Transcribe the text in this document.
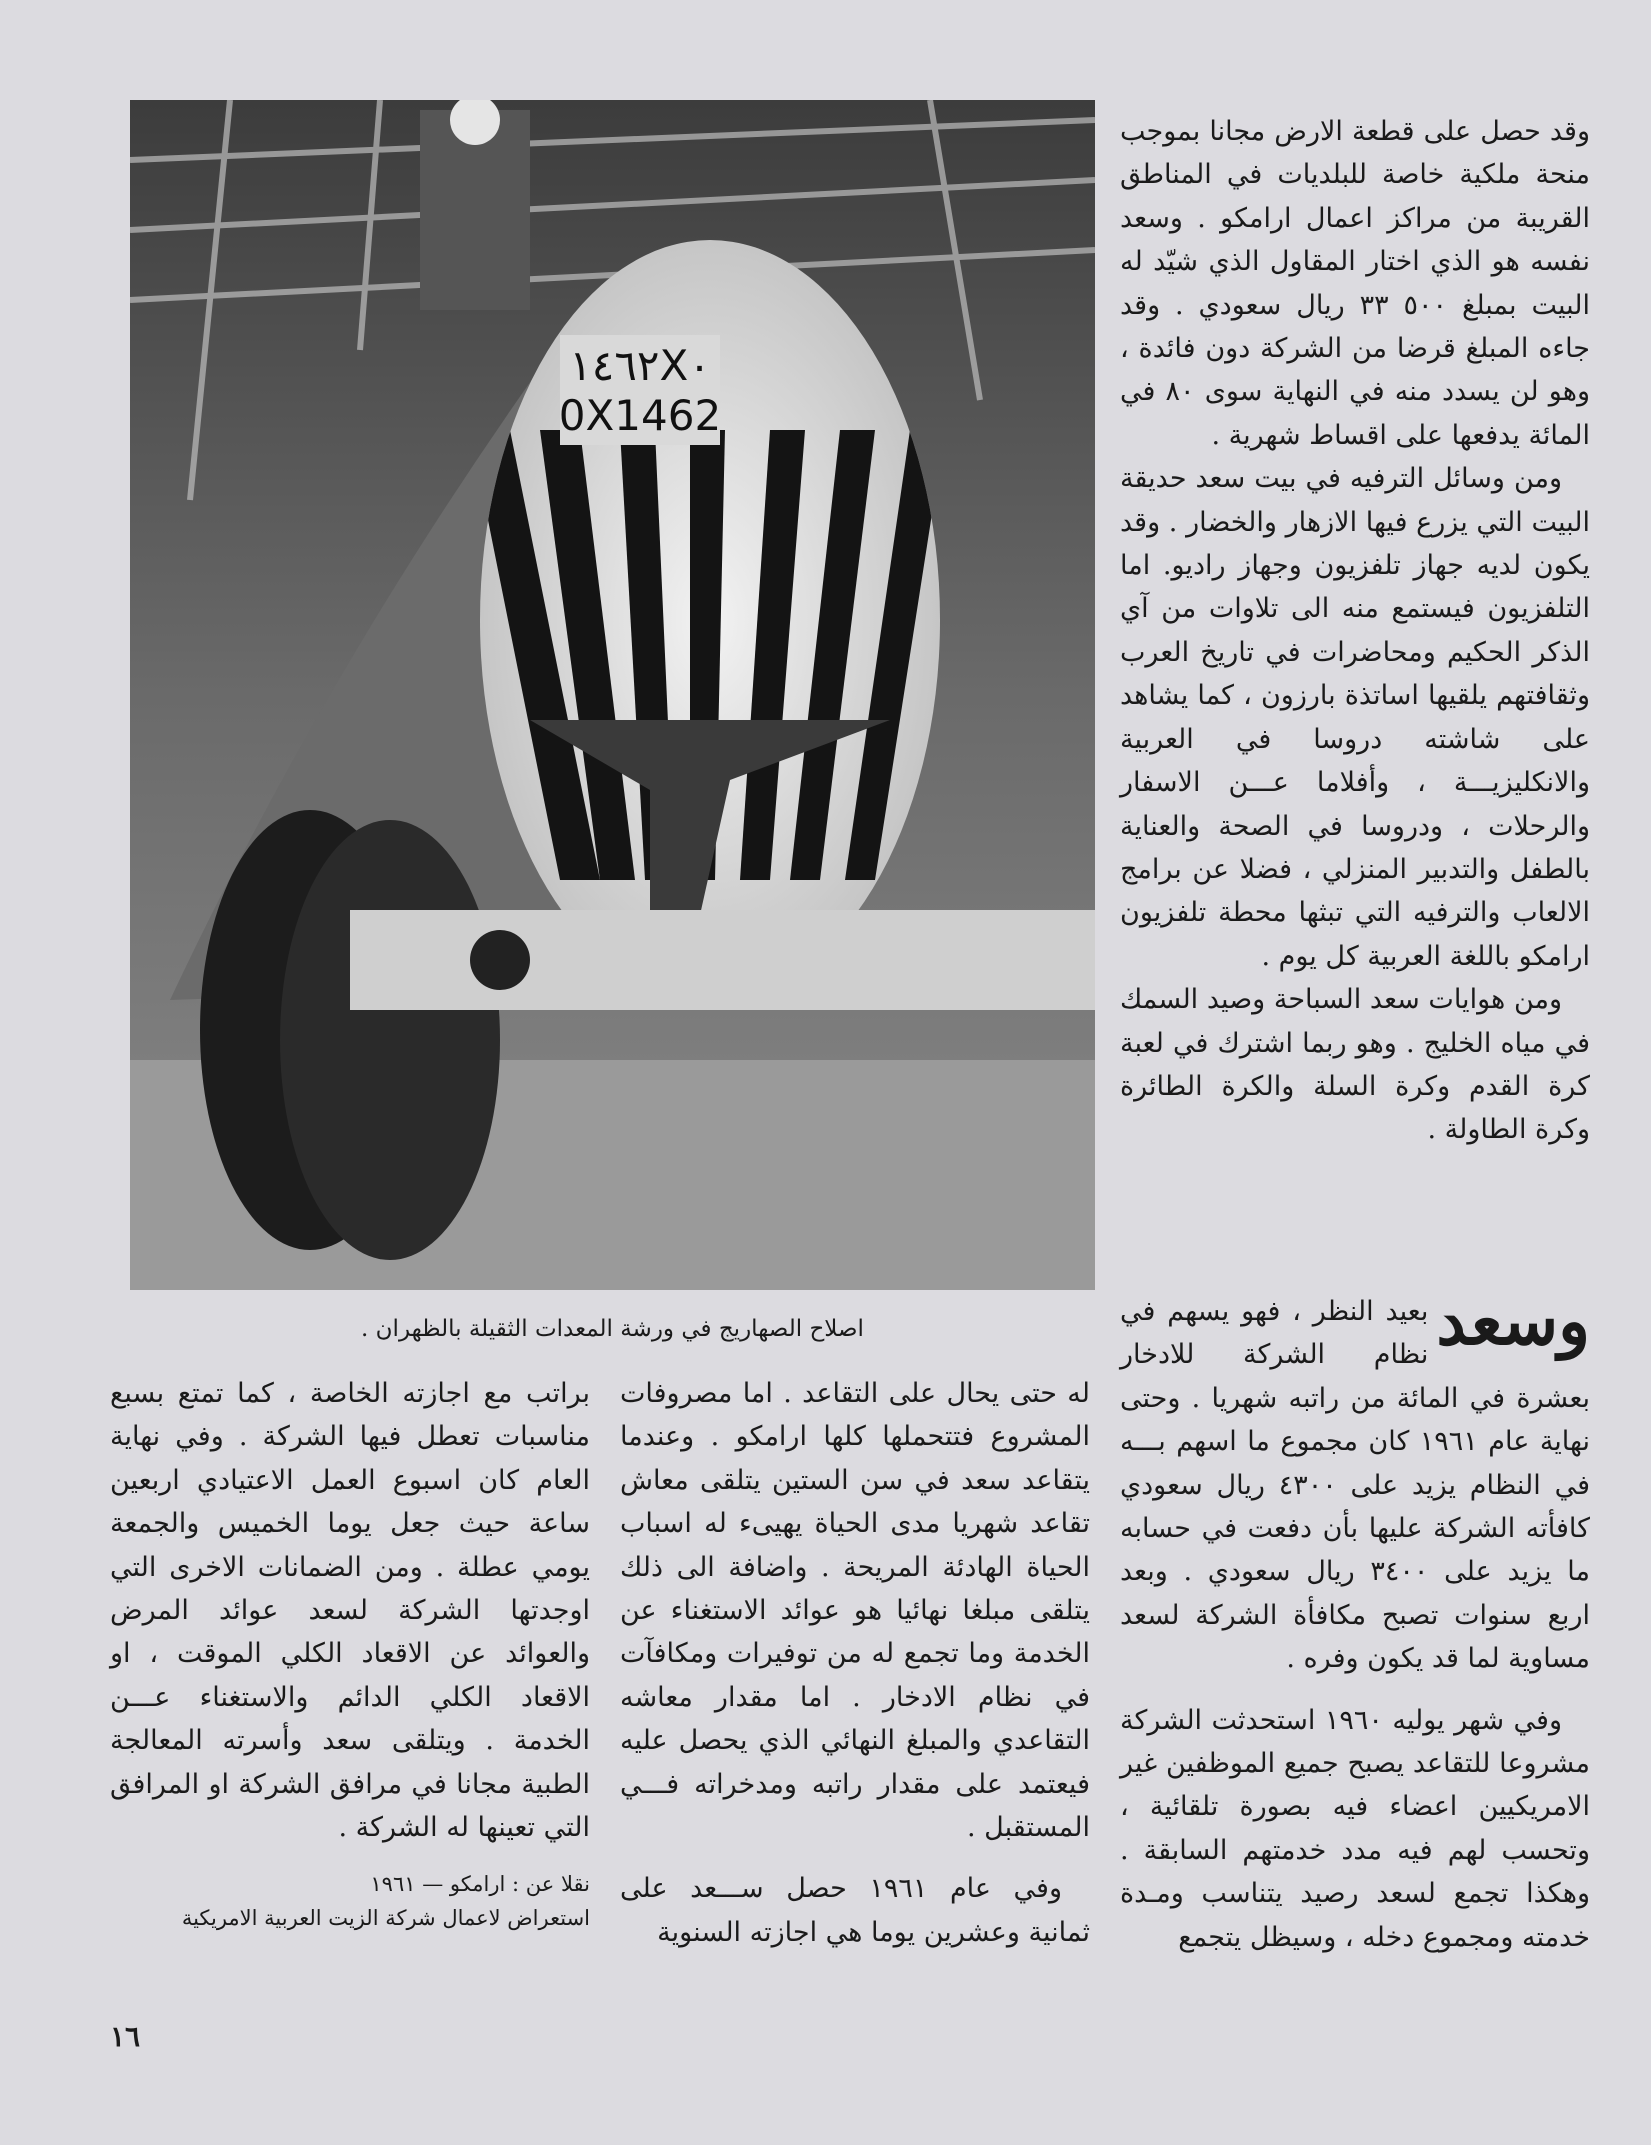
١٤٦٢X٠
0X1462
اصلاح الصهاريج في ورشة المعدات الثقيلة بالظهران .

وقد حصل على قطعة الارض مجانا بموجب منحة ملكية خاصة للبلديات في المناطق القريبة من مراكز اعمال ارامكو . وسعد نفسه هو الذي اختار المقاول الذي شيّد له البيت بمبلغ ٥٠٠ ٣٣ ريال سعودي . وقد جاءه المبلغ قرضا من الشركة دون فائدة ، وهو لن يسدد منه في النهاية سوى ٨٠ في المائة يدفعها على اقساط شهرية .

ومن وسائل الترفيه في بيت سعد حديقة البيت التي يزرع فيها الازهار والخضار . وقد يكون لديه جهاز تلفزيون وجهاز راديو. اما التلفزيون فيستمع منه الى تلاوات من آي الذكر الحكيم ومحاضرات في تاريخ العرب وثقافتهم يلقيها اساتذة بارزون ، كما يشاهد على شاشته دروسا في العربية والانكليزيـــة ، وأفلاما عـــن الاسفار والرحلات ، ودروسا في الصحة والعناية بالطفل والتدبير المنزلي ، فضلا عن برامج الالعاب والترفيه التي تبثها محطة تلفزيون ارامكو باللغة العربية كل يوم .

ومن هوايات سعد السباحة وصيد السمك في مياه الخليج . وهو ربما اشترك في لعبة كرة القدم وكرة السلة والكرة الطائرة وكرة الطاولة .

وسعد
بعيد النظر ، فهو يسهم في نظام الشركة للادخار بعشرة في المائة من راتبه شهريا . وحتى نهاية عام ١٩٦١ كان مجموع ما اسهم بـــه في النظام يزيد على ٤٣٠٠ ريال سعودي كافأته الشركة عليها بأن دفعت في حسابه ما يزيد على ٣٤٠٠ ريال سعودي . وبعد اربع سنوات تصبح مكافأة الشركة لسعد مساوية لما قد يكون وفره .

وفي شهر يوليه ١٩٦٠ استحدثت الشركة مشروعا للتقاعد يصبح جميع الموظفين غير الامريكيين اعضاء فيه بصورة تلقائية ، وتحسب لهم فيه مدد خدمتهم السابقة . وهكذا تجمع لسعد رصيد يتناسب ومـدة خدمته ومجموع دخله ، وسيظل يتجمع

له حتى يحال على التقاعد . اما مصروفات المشروع فتتحملها كلها ارامكو . وعندما يتقاعد سعد في سن الستين يتلقى معاش تقاعد شهريا مدى الحياة يهيىء له اسباب الحياة الهادئة المريحة . واضافة الى ذلك يتلقى مبلغا نهائيا هو عوائد الاستغناء عن الخدمة وما تجمع له من توفيرات ومكافآت في نظام الادخار . اما مقدار معاشه التقاعدي والمبلغ النهائي الذي يحصل عليه فيعتمد على مقدار راتبه ومدخراته فـــي المستقبل .

وفي عام ١٩٦١ حصل ســـعد على ثمانية وعشرين يوما هي اجازته السنوية

براتب مع اجازته الخاصة ، كما تمتع بسبع مناسبات تعطل فيها الشركة . وفي نهاية العام كان اسبوع العمل الاعتيادي اربعين ساعة حيث جعل يوما الخميس والجمعة يومي عطلة . ومن الضمانات الاخرى التي اوجدتها الشركة لسعد عوائد المرض والعوائد عن الاقعاد الكلي الموقت ، او الاقعاد الكلي الدائم والاستغناء عـــن الخدمة . ويتلقى سعد وأسرته المعالجة الطبية مجانا في مرافق الشركة او المرافق التي تعينها له الشركة .

نقلا عن : ارامكو — ١٩٦١
استعراض لاعمال شركة الزيت العربية الامريكية
١٦
